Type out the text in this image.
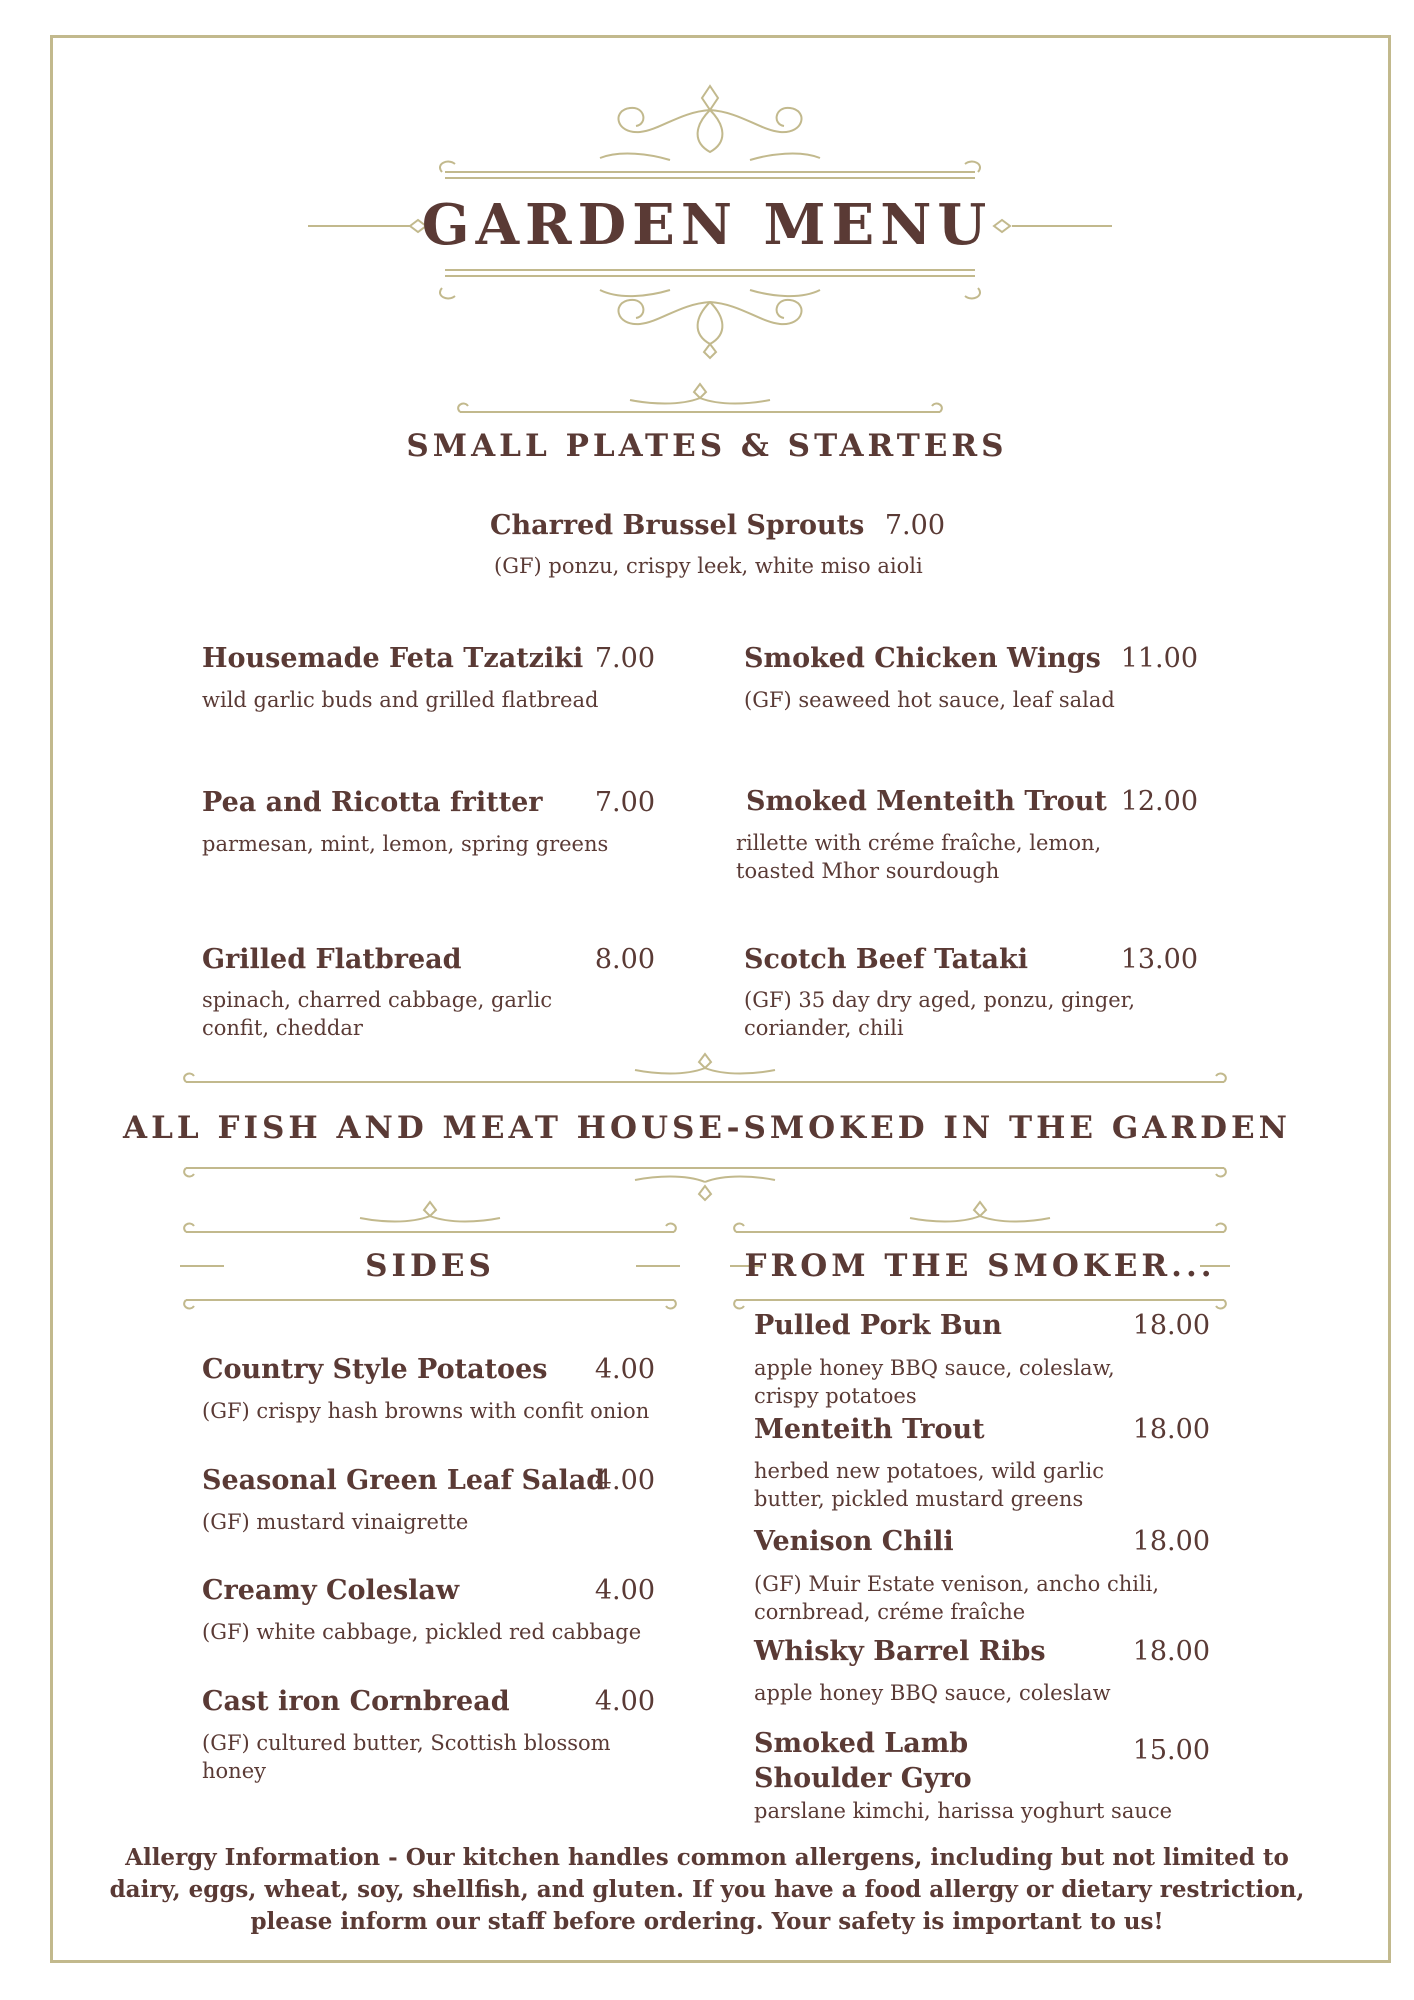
GARDEN MENU
SMALL PLATES & STARTERS
Charred Brussel Sprouts 7.00
(GF) ponzu, crispy leek, white miso aioli
Housemade Feta Tzatziki 7.00
wild garlic buds and grilled flatbread
Pea and Ricotta fritter	7.00
parmesan, mint, lemon, spring greens
Grilled Flatbread	8.00
spinach, charred cabbage, garlic confit, cheddar
Smoked Chicken Wings 11.00
(GF) seaweed hot sauce, leaf salad
Smoked Menteith Trout 12.00
rillette with créme fraîche, lemon, toasted Mhor sourdough
Scotch Beef Tataki	13.00
(GF) 35 day dry aged, ponzu, ginger, coriander, chili
ALL FISH AND MEAT HOUSE-SMOKED IN THE GARDEN
SIDES	FROM THE SMOKER...
Country Style Potatoes	4.00
(GF) crispy hash browns with confit onion
Seasonal Green Leaf Salad
4.00
(GF) mustard vinaigrette
Creamy Coleslaw	4.00
(GF) white cabbage, pickled red cabbage
Cast iron Cornbread	4.00
(GF) cultured butter, Scottish blossom honey
Pulled Pork Bun	18.00
apple honey BBQ sauce, coleslaw, crispy potatoes
Menteith Trout	18.00
herbed new potatoes, wild garlic butter, pickled mustard greens
Venison Chili	18.00
(GF) Muir Estate venison, ancho chili, cornbread, créme fraîche
Whisky Barrel Ribs	18.00
apple honey BBQ sauce, coleslaw
Smoked Lamb Shoulder Gyro
15.00
parslane kimchi, harissa yoghurt sauce
Allergy Information - Our kitchen handles common allergens, including but not limited to dairy, eggs, wheat, soy, shellfish, and gluten. If you have a food allergy or dietary restriction, please inform our staff before ordering. Your safety is important to us!
